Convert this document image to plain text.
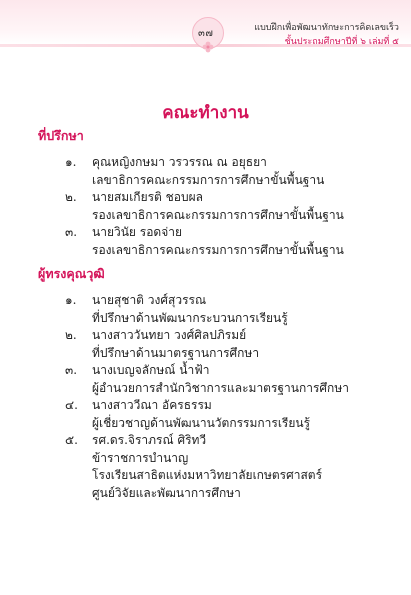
๓๗	แบบฝึกเพื่อพัฒนาทักษะการคิดเลขเร็ว
ชั้นประถมศึกษาปีที่ ๖ เล่มที่ ๕
คณะทำงาน
ที่ปรึกษา
๑. คุณหญิงกษมา วรวรรณ ณ อยุธยา
เลขาธิการคณะกรรมการการศึกษาขั้นพื้นฐาน
๒. นายสมเกียรติ ชอบผล
รองเลขาธิการคณะกรรมการการศึกษาขั้นพื้นฐาน
๓. นายวินัย รอดจ่าย
รองเลขาธิการคณะกรรมการการศึกษาขั้นพื้นฐาน
ผู้ทรงคุณวุฒิ
๑. นายสุชาติ วงศ์สุวรรณ
ที่ปรึกษาด้านพัฒนากระบวนการเรียนรู้
๒. นางสาววันทยา วงศ์ศิลปภิรมย์
ที่ปรึกษาด้านมาตรฐานการศึกษา
๓. นางเบญจลักษณ์ น้ำฟ้า
ผู้อำนวยการสำนักวิชาการและมาตรฐานการศึกษา
๔. นางสาววีณา อัครธรรม
ผู้เชี่ยวชาญด้านพัฒนานวัตกรรมการเรียนรู้
๕. รศ.ดร.จิราภรณ์ ศิริทวี
ข้าราชการบำนาญ
โรงเรียนสาธิตแห่งมหาวิทยาลัยเกษตรศาสตร์
ศูนย์วิจัยและพัฒนาการศึกษา
